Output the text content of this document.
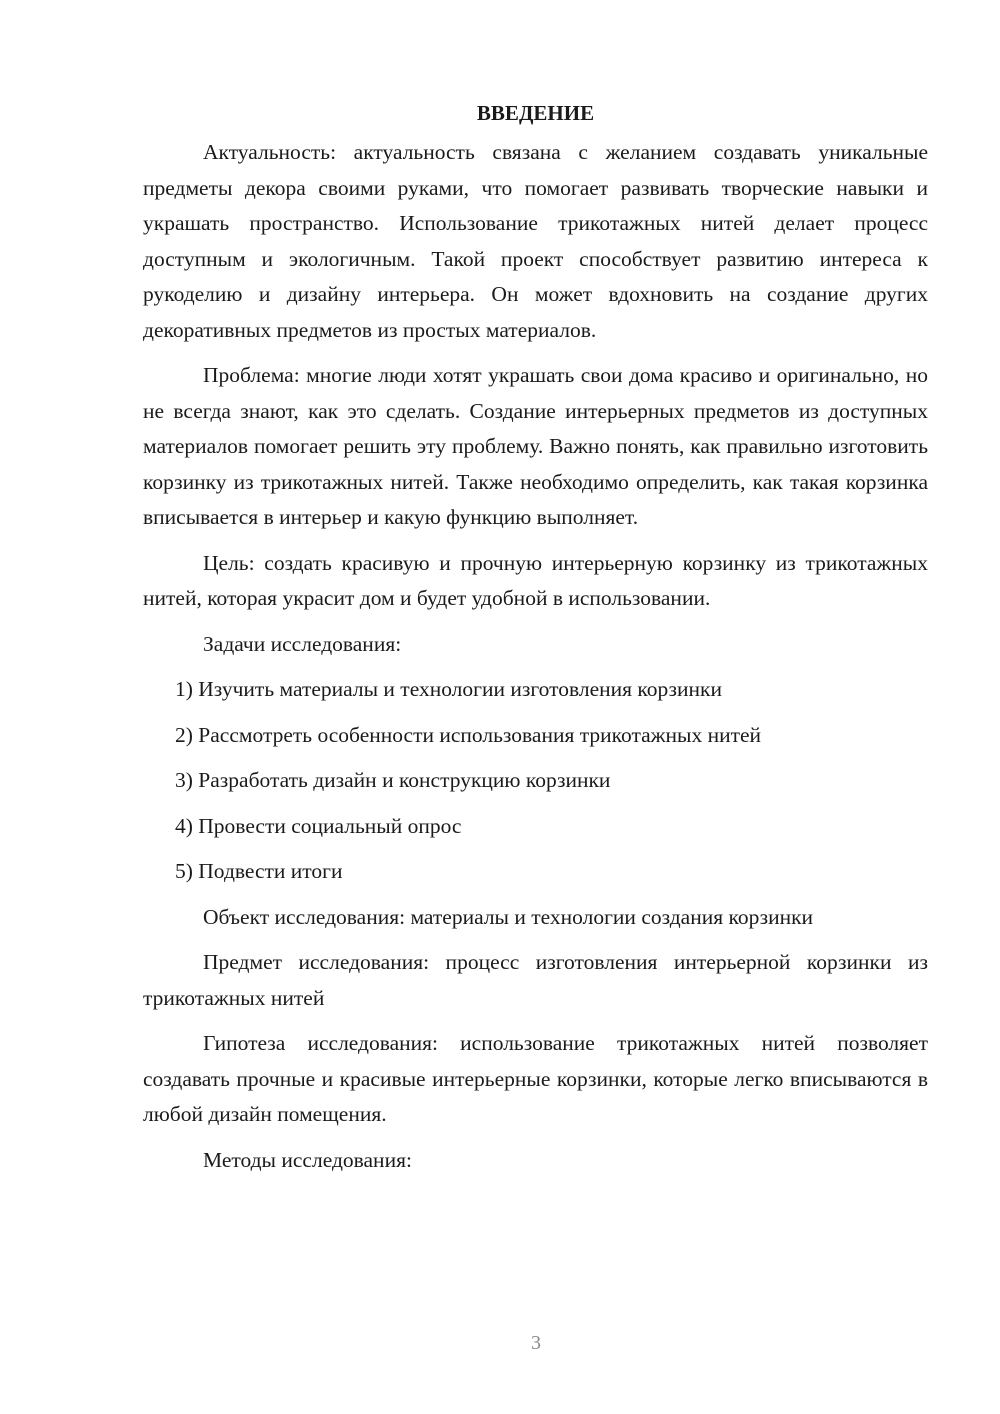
ВВЕДЕНИЕ

Актуальность: актуальность связана с желанием создавать уникальные предметы декора своими руками, что помогает развивать творческие навыки и украшать пространство. Использование трикотажных нитей делает процесс доступным и экологичным. Такой проект способствует развитию интереса к рукоделию и дизайну интерьера. Он может вдохновить на создание других декоративных предметов из простых материалов.

Проблема: многие люди хотят украшать свои дома красиво и оригинально, но не всегда знают, как это сделать. Создание интерьерных предметов из доступных материалов помогает решить эту проблему. Важно понять, как правильно изготовить корзинку из трикотажных нитей. Также необходимо определить, как такая корзинка вписывается в интерьер и какую функцию выполняет.

Цель: создать красивую и прочную интерьерную корзинку из трикотажных нитей, которая украсит дом и будет удобной в использовании.

Задачи исследования:

1) Изучить материалы и технологии изготовления корзинки
2) Рассмотреть особенности использования трикотажных нитей
3) Разработать дизайн и конструкцию корзинки
4) Провести социальный опрос
5) Подвести итоги

Объект исследования: материалы и технологии создания корзинки

Предмет исследования: процесс изготовления интерьерной корзинки из трикотажных нитей

Гипотеза исследования: использование трикотажных нитей позволяет создавать прочные и красивые интерьерные корзинки, которые легко вписываются в любой дизайн помещения.

Методы исследования:

3
